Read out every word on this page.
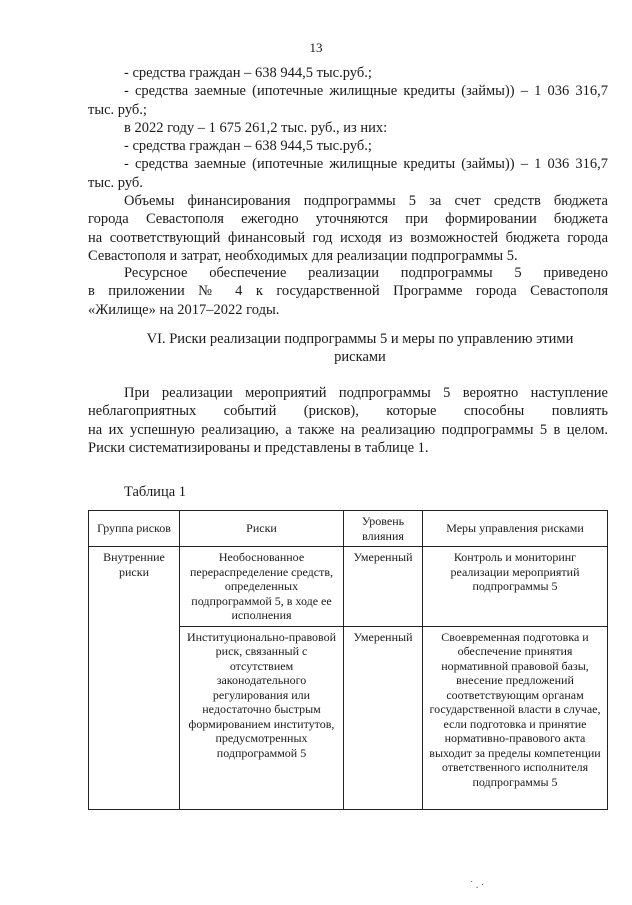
13
- средства граждан – 638 944,5 тыс.руб.;
- средства заемные (ипотечные жилищные кредиты (займы)) – 1 036 316,7
тыс. руб.;
в 2022 году – 1 675 261,2 тыс. руб., из них:
- средства граждан – 638 944,5 тыс.руб.;
- средства заемные (ипотечные жилищные кредиты (займы)) – 1 036 316,7
тыс. руб.
Объемы финансирования подпрограммы 5 за счет средств бюджета
города Севастополя ежегодно уточняются при формировании бюджета
на соответствующий финансовый год исходя из возможностей бюджета города
Севастополя и затрат, необходимых для реализации подпрограммы 5.
Ресурсное обеспечение реализации подпрограммы 5 приведено
в приложении № 4 к государственной Программе города Севастополя
«Жилище» на 2017–2022 годы.
VI. Риски реализации подпрограммы 5 и меры по управлению этими
рисками
При реализации мероприятий подпрограммы 5 вероятно наступление
неблагоприятных событий (рисков), которые способны повлиять
на их успешную реализацию, а также на реализацию подпрограммы 5 в целом.
Риски систематизированы и представлены в таблице 1.
Таблица 1
Группа рисков	Риски	Уровень влияния	Меры управления рисками
Внутренние риски	Необоснованное перераспределение средств, определенных подпрограммой 5, в ходе ее исполнения	Умеренный	Контроль и мониторинг реализации мероприятий подпрограммы 5
	Институционально-правовой риск, связанный с отсутствием законодательного регулирования или недостаточно быстрым формированием институтов, предусмотренных подпрограммой 5	Умеренный	Своевременная подготовка и обеспечение принятия нормативной правовой базы, внесение предложений соответствующим органам государственной власти в случае, если подготовка и принятие нормативно-правового акта выходит за пределы компетенции ответственного исполнителя подпрограммы 5
˙ . ·
